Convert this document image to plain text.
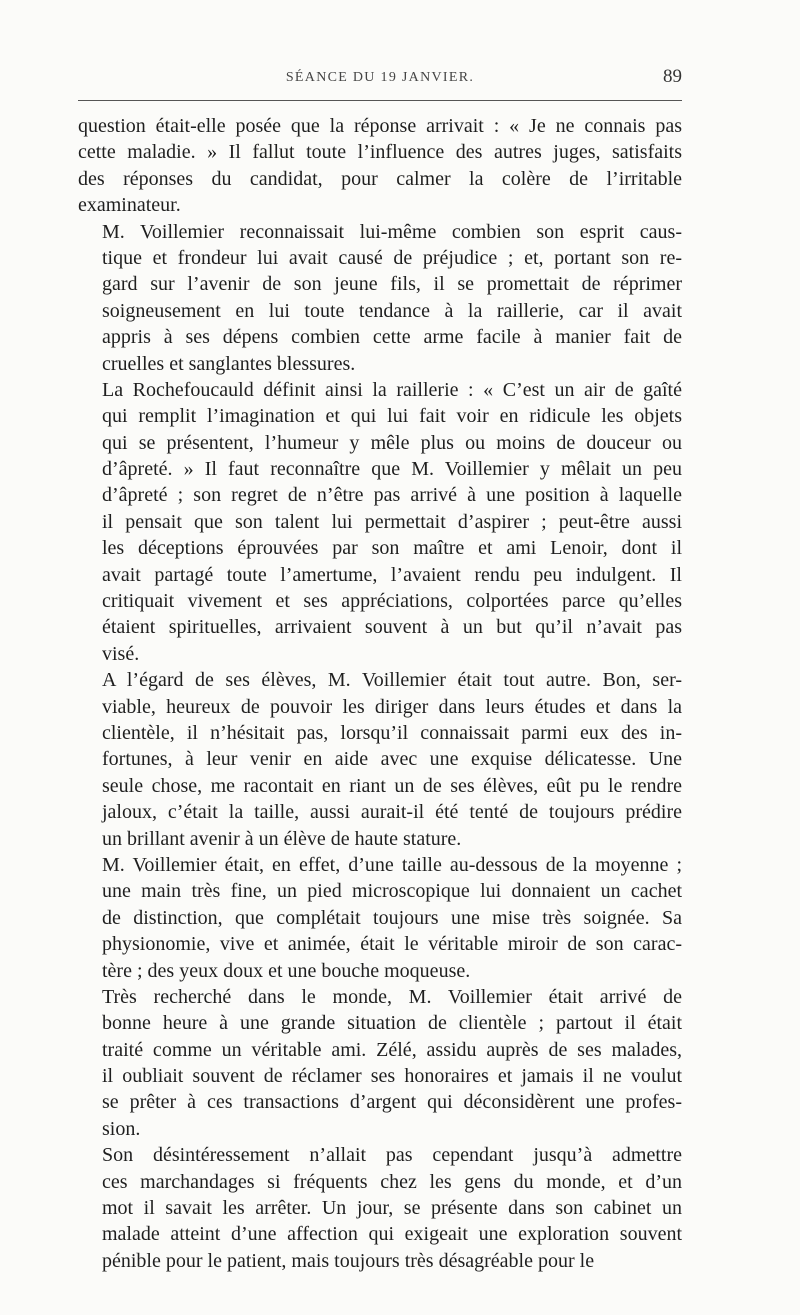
SÉANCE DU 19 JANVIER.	89
question était-elle posée que la réponse arrivait : « Je ne connais pas
cette maladie. » Il fallut toute l’influence des autres juges, satisfaits
des réponses du candidat, pour calmer la colère de l’irritable
examinateur.
M. Voillemier reconnaissait lui-même combien son esprit caus-
tique et frondeur lui avait causé de préjudice ; et, portant son re-
gard sur l’avenir de son jeune fils, il se promettait de réprimer
soigneusement en lui toute tendance à la raillerie, car il avait
appris à ses dépens combien cette arme facile à manier fait de
cruelles et sanglantes blessures.
La Rochefoucauld définit ainsi la raillerie : « C’est un air de gaîté
qui remplit l’imagination et qui lui fait voir en ridicule les objets
qui se présentent, l’humeur y mêle plus ou moins de douceur ou
d’âpreté. » Il faut reconnaître que M. Voillemier y mêlait un peu
d’âpreté ; son regret de n’être pas arrivé à une position à laquelle
il pensait que son talent lui permettait d’aspirer ; peut-être aussi
les déceptions éprouvées par son maître et ami Lenoir, dont il
avait partagé toute l’amertume, l’avaient rendu peu indulgent. Il
critiquait vivement et ses appréciations, colportées parce qu’elles
étaient spirituelles, arrivaient souvent à un but qu’il n’avait pas
visé.
A l’égard de ses élèves, M. Voillemier était tout autre. Bon, ser-
viable, heureux de pouvoir les diriger dans leurs études et dans la
clientèle, il n’hésitait pas, lorsqu’il connaissait parmi eux des in-
fortunes, à leur venir en aide avec une exquise délicatesse. Une
seule chose, me racontait en riant un de ses élèves, eût pu le rendre
jaloux, c’était la taille, aussi aurait-il été tenté de toujours prédire
un brillant avenir à un élève de haute stature.
M. Voillemier était, en effet, d’une taille au-dessous de la moyenne ;
une main très fine, un pied microscopique lui donnaient un cachet
de distinction, que complétait toujours une mise très soignée. Sa
physionomie, vive et animée, était le véritable miroir de son carac-
tère ; des yeux doux et une bouche moqueuse.
Très recherché dans le monde, M. Voillemier était arrivé de
bonne heure à une grande situation de clientèle ; partout il était
traité comme un véritable ami. Zélé, assidu auprès de ses malades,
il oubliait souvent de réclamer ses honoraires et jamais il ne voulut
se prêter à ces transactions d’argent qui déconsidèrent une profes-
sion.
Son désintéressement n’allait pas cependant jusqu’à admettre
ces marchandages si fréquents chez les gens du monde, et d’un
mot il savait les arrêter. Un jour, se présente dans son cabinet un
malade atteint d’une affection qui exigeait une exploration souvent
pénible pour le patient, mais toujours très désagréable pour le
